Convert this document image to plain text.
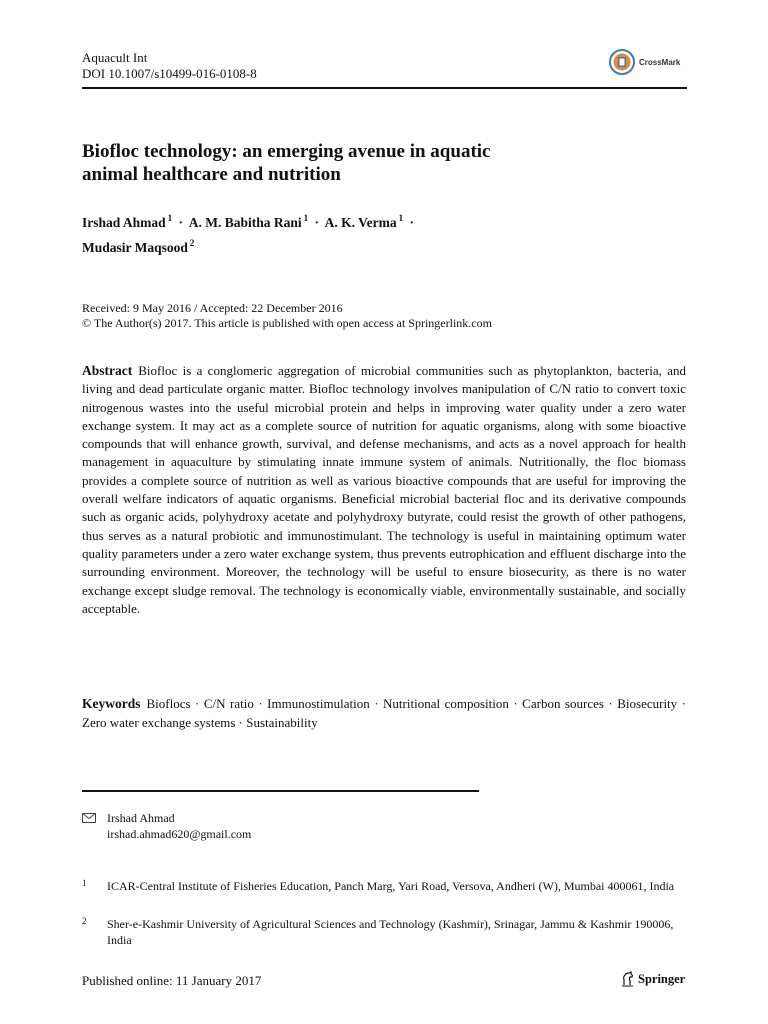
Aquacult Int
DOI 10.1007/s10499-016-0108-8
CrossMark
Biofloc technology: an emerging avenue in aquatic
animal healthcare and nutrition
Irshad Ahmad $^1$ · A. M. Babitha Rani $^1$ · A. K. Verma $^1$ ·
Mudasir Maqsood $^2$
Received: 9 May 2016 / Accepted: 22 December 2016
© The Author(s) 2017. This article is published with open access at Springerlink.com
Abstract Biofloc is a conglomeric aggregation of microbial communities such as phytoplankton, bacteria, and living and dead particulate organic matter. Biofloc technology involves manipulation of C/N ratio to convert toxic nitrogenous wastes into the useful microbial protein and helps in improving water quality under a zero water exchange system. It may act as a complete source of nutrition for aquatic organisms, along with some bioactive compounds that will enhance growth, survival, and defense mechanisms, and acts as a novel approach for health management in aquaculture by stimulating innate immune system of animals. Nutritionally, the floc biomass provides a complete source of nutrition as well as various bioactive compounds that are useful for improving the overall welfare indicators of aquatic organisms. Beneficial microbial bacterial floc and its derivative compounds such as organic acids, polyhydroxy acetate and polyhydroxy butyrate, could resist the growth of other pathogens, thus serves as a natural probiotic and immunostimulant. The technology is useful in maintaining optimum water quality parameters under a zero water exchange system, thus prevents eutrophication and effluent discharge into the surrounding environment. Moreover, the technology will be useful to ensure biosecurity, as there is no water exchange except sludge removal. The technology is economically viable, environmentally sustainable, and socially acceptable.
Keywords Bioflocs · C/N ratio · Immunostimulation · Nutritional composition · Carbon sources · Biosecurity · Zero water exchange systems · Sustainability
Irshad Ahmad
irshad.ahmad620@gmail.com
1 ICAR-Central Institute of Fisheries Education, Panch Marg, Yari Road, Versova, Andheri (W), Mumbai 400061, India
2 Sher-e-Kashmir University of Agricultural Sciences and Technology (Kashmir), Srinagar, Jammu & Kashmir 190006, India
Published online: 11 January 2017	Springer
